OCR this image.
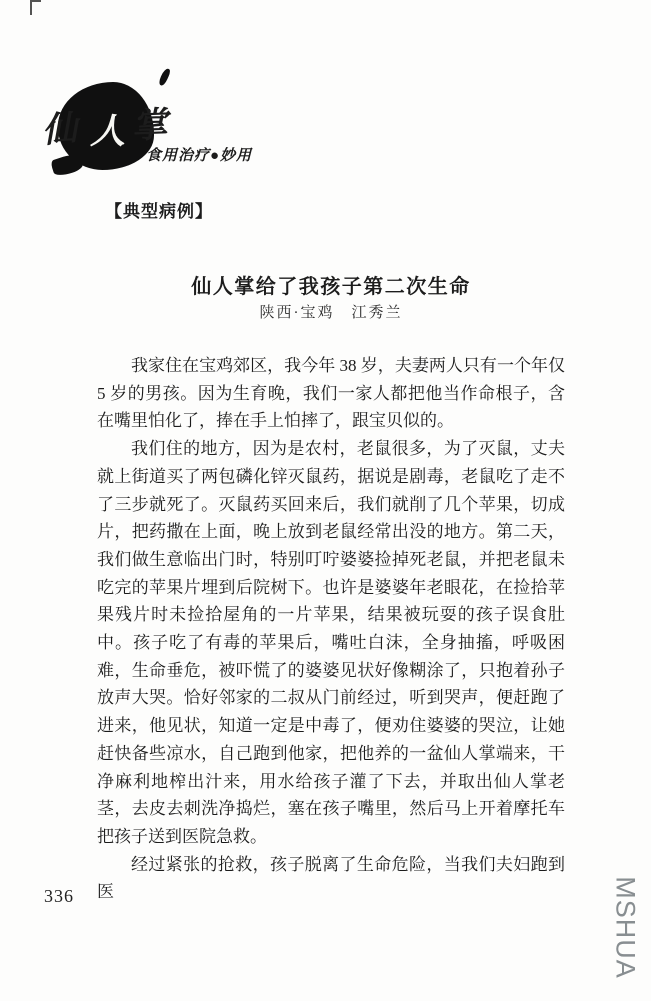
仙 人 掌
食用治疗●妙用
【典型病例】
仙人掌给了我孩子第二次生命
陕西·宝鸡　江秀兰

我家住在宝鸡郊区，我今年 38 岁，夫妻两人只有一个年仅 5 岁的男孩。因为生育晚，我们一家人都把他当作命根子，含在嘴里怕化了，捧在手上怕摔了，跟宝贝似的。

我们住的地方，因为是农村，老鼠很多，为了灭鼠，丈夫就上街道买了两包磷化锌灭鼠药，据说是剧毒，老鼠吃了走不了三步就死了。灭鼠药买回来后，我们就削了几个苹果，切成片，把药撒在上面，晚上放到老鼠经常出没的地方。第二天，我们做生意临出门时，特别叮咛婆婆捡掉死老鼠，并把老鼠未吃完的苹果片埋到后院树下。也许是婆婆年老眼花，在捡拾苹果残片时未捡拾屋角的一片苹果，结果被玩耍的孩子误食肚中。孩子吃了有毒的苹果后，嘴吐白沫，全身抽搐，呼吸困难，生命垂危，被吓慌了的婆婆见状好像糊涂了，只抱着孙子放声大哭。恰好邻家的二叔从门前经过，听到哭声，便赶跑了进来，他见状，知道一定是中毒了，便劝住婆婆的哭泣，让她赶快备些凉水，自己跑到他家，把他养的一盆仙人掌端来，干净麻利地榨出汁来，用水给孩子灌了下去，并取出仙人掌老茎，去皮去刺洗净捣烂，塞在孩子嘴里，然后马上开着摩托车把孩子送到医院急救。

经过紧张的抢救，孩子脱离了生命危险，当我们夫妇跑到医

336	MSHUA
